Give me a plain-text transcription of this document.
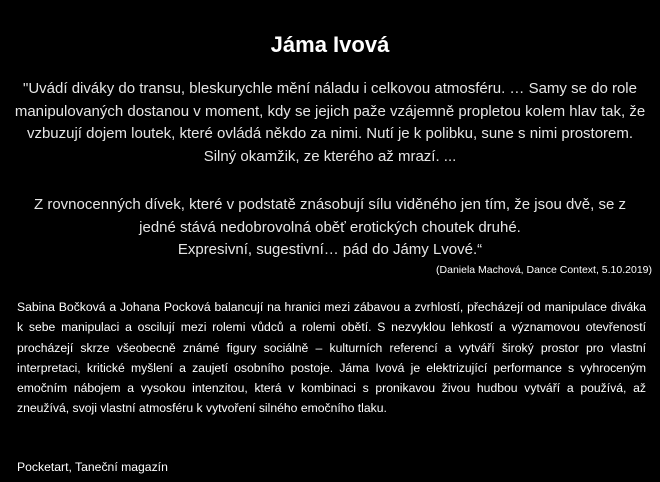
Jáma Ivová

"Uvádí diváky do transu, bleskurychle mění náladu i celkovou atmosféru. … Samy se do role manipulovaných dostanou v moment, kdy se jejich paže vzájemně propletou kolem hlav tak, že vzbuzují dojem loutek, které ovládá někdo za nimi. Nutí je k polibku, sune s nimi prostorem. Silný okamžik, ze kterého až mrazí. ...

Z rovnocenných dívek, které v podstatě znásobují sílu viděného jen tím, že jsou dvě, se z jedné stává nedobrovolná oběť erotických choutek druhé.
Expresivní, sugestivní… pád do Jámy Lvové.“

(Daniela Machová, Dance Context, 5.10.2019)

Sabina Bočková a Johana Pocková balancují na hranici mezi zábavou a zvrhlostí, přecházejí od manipulace diváka k sebe manipulaci a oscilují mezi rolemi vůdců a rolemi obětí. S nezvyklou lehkostí a významovou otevřeností procházejí skrze všeobecně známé figury sociálně – kulturních referencí a vytváří široký prostor pro vlastní interpretaci, kritické myšlení a zaujetí osobního postoje. Jáma Ivová je elektrizující performance s vyhroceným emočním nábojem a vysokou intenzitou, která v kombinaci s pronikavou živou hudbou vytváří a používá, až zneužívá, svoji vlastní atmosféru k vytvoření silného emočního tlaku.

Pocketart, Taneční magazín
